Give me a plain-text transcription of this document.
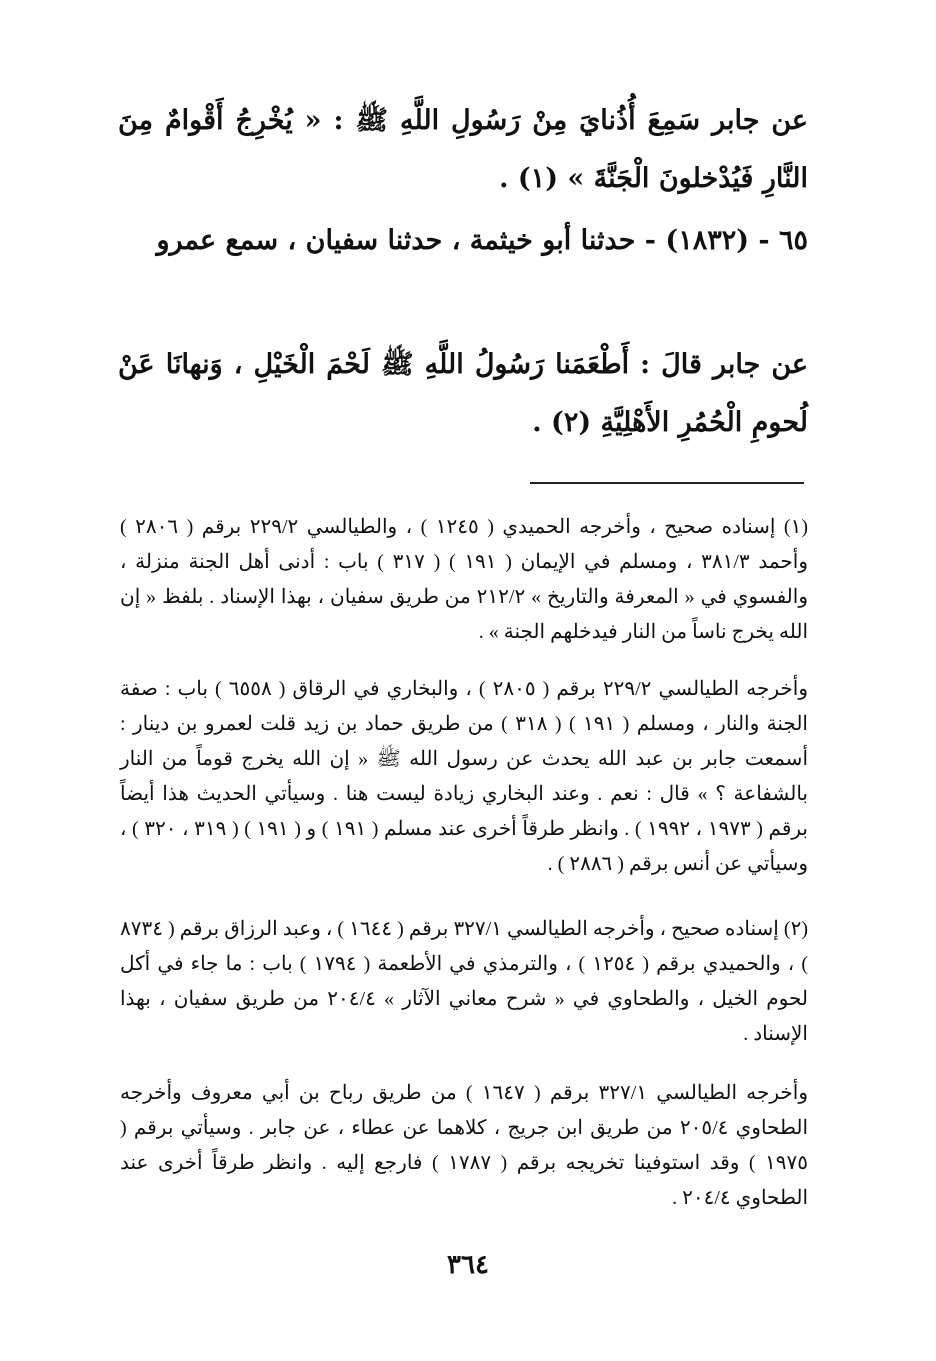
عن جابر سَمِعَ أُذُنايَ مِنْ رَسُولِ اللَّهِ ﷺ : « يُخْرِجُ أَقْوامٌ مِنَ النَّارِ فَيُدْخلونَ الْجَنَّةَ » (١) .

٦٥ - (١٨٣٢) - حدثنا أبو خيثمة ، حدثنا سفيان ، سمع عمرو

عن جابر قالَ : أَطْعَمَنا رَسُولُ اللَّهِ ﷺ لَحْمَ الْخَيْلِ ، وَنهانَا عَنْ لُحومِ الْحُمُرِ الأَهْلِيَّةِ (٢) .

(١) إسناده صحيح ، وأخرجه الحميدي ( ١٢٤٥ ) ، والطيالسي ٢٢٩/٢ برقم ( ٢٨٠٦ ) وأحمد ٣٨١/٣ ، ومسلم في الإيمان ( ١٩١ ) ( ٣١٧ ) باب : أدنى أهل الجنة منزلة ، والفسوي في « المعرفة والتاريخ » ٢١٢/٢ من طريق سفيان ، بهذا الإسناد . بلفظ « إن الله يخرج ناساً من النار فيدخلهم الجنة » .

وأخرجه الطيالسي ٢٢٩/٢ برقم ( ٢٨٠٥ ) ، والبخاري في الرقاق ( ٦٥٥٨ ) باب : صفة الجنة والنار ، ومسلم ( ١٩١ ) ( ٣١٨ ) من طريق حماد بن زيد قلت لعمرو بن دينار : أسمعت جابر بن عبد الله يحدث عن رسول الله ﷺ « إن الله يخرج قوماً من النار بالشفاعة ؟ » قال : نعم . وعند البخاري زيادة ليست هنا . وسيأتي الحديث هذا أيضاً برقم ( ١٩٧٣ ، ١٩٩٢ ) . وانظر طرقاً أخرى عند مسلم ( ١٩١ ) و ( ١٩١ ) ( ٣١٩ ، ٣٢٠ ) ، وسيأتي عن أنس برقم ( ٢٨٨٦ ) .

(٢) إسناده صحيح ، وأخرجه الطيالسي ٣٢٧/١ برقم ( ١٦٤٤ ) ، وعبد الرزاق برقم ( ٨٧٣٤ ) ، والحميدي برقم ( ١٢٥٤ ) ، والترمذي في الأطعمة ( ١٧٩٤ ) باب : ما جاء في أكل لحوم الخيل ، والطحاوي في « شرح معاني الآثار » ٢٠٤/٤ من طريق سفيان ، بهذا الإسناد .

وأخرجه الطيالسي ٣٢٧/١ برقم ( ١٦٤٧ ) من طريق رباح بن أبي معروف وأخرجه الطحاوي ٢٠٥/٤ من طريق ابن جريج ، كلاهما عن عطاء ، عن جابر . وسيأتي برقم ( ١٩٧٥ ) وقد استوفينا تخريجه برقم ( ١٧٨٧ ) فارجع إليه . وانظر طرقاً أخرى عند الطحاوي ٢٠٤/٤ .

٣٦٤
